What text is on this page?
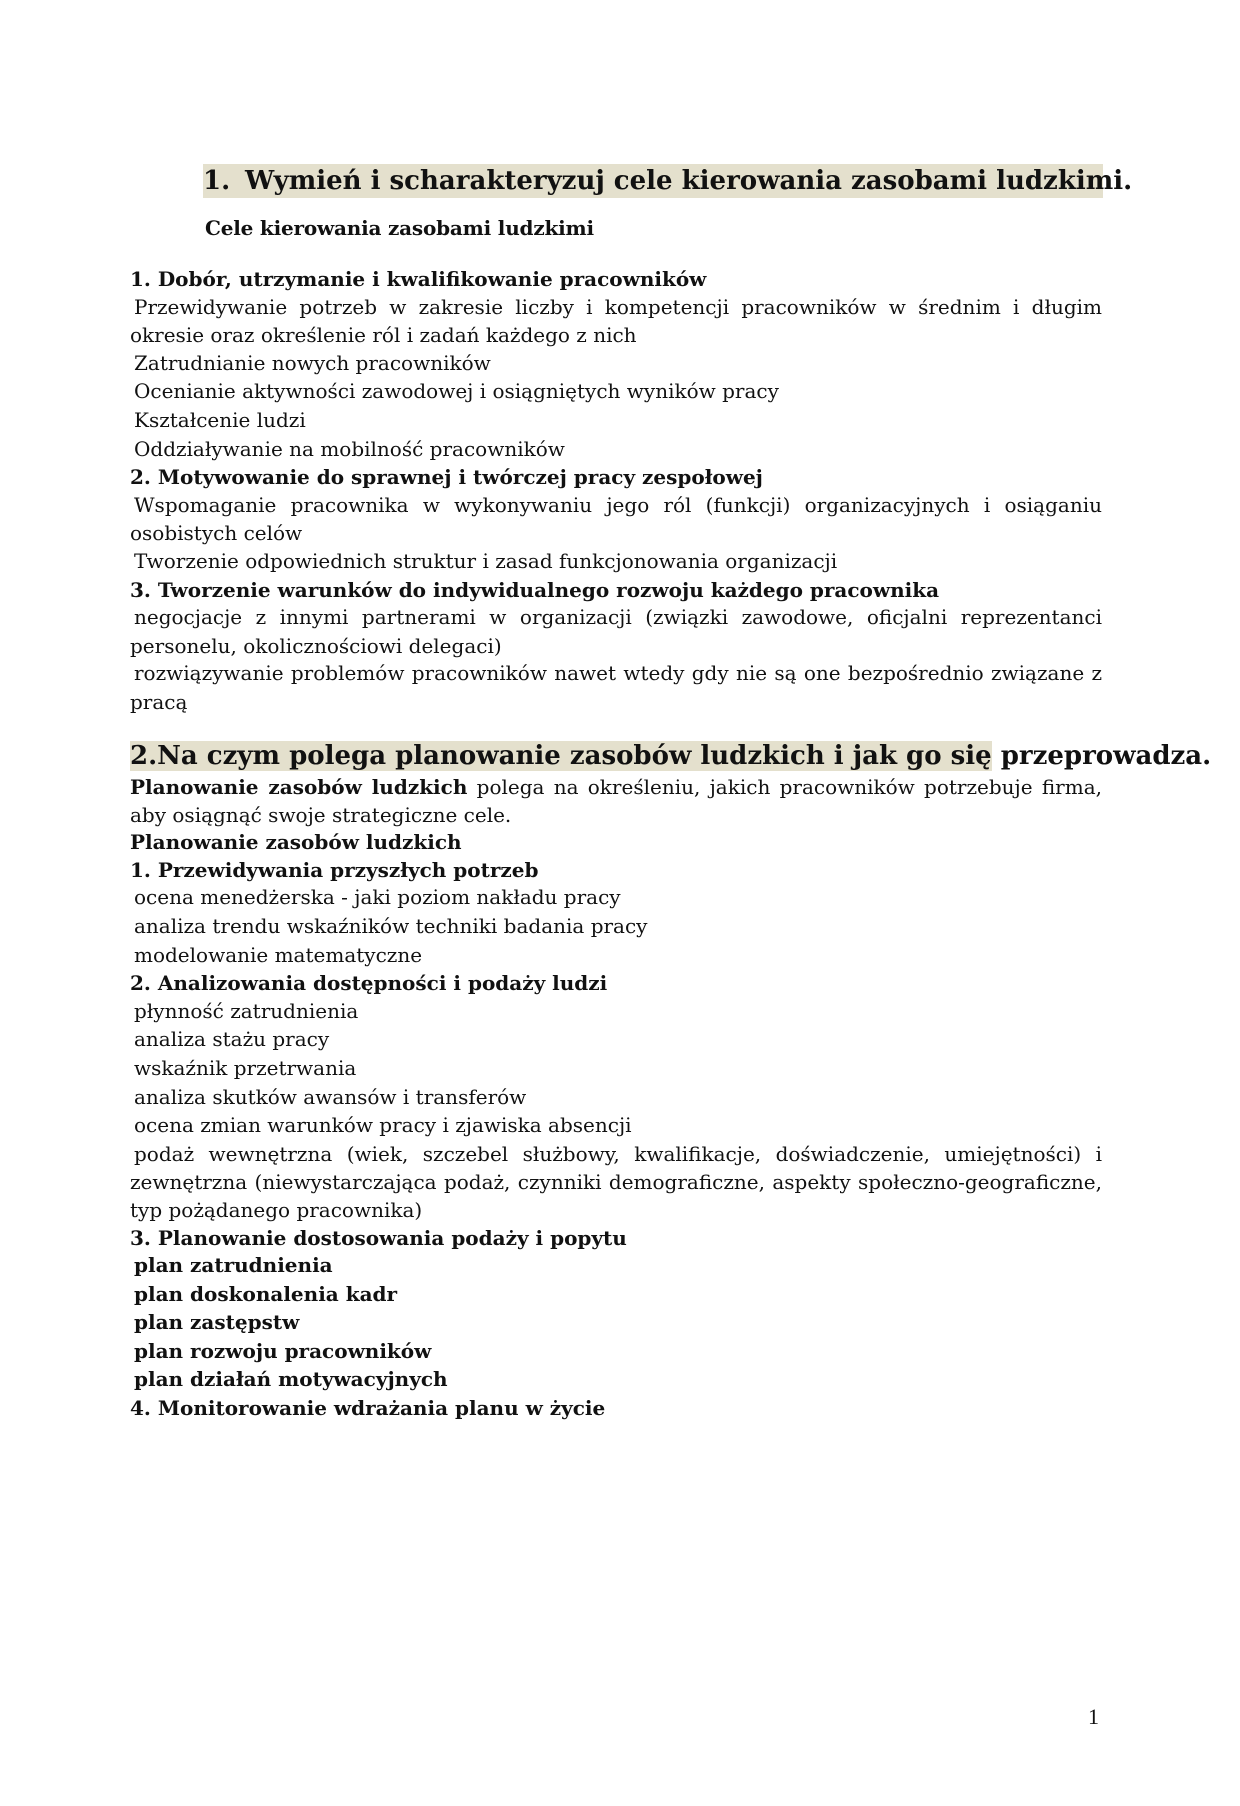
1. Wymień i scharakteryzuj cele kierowania zasobami ludzkimi.
Cele kierowania zasobami ludzkimi
1. Dobór, utrzymanie i kwalifikowanie pracowników
Przewidywanie potrzeb w zakresie liczby i kompetencji pracowników w średnim i długim okresie oraz określenie ról i zadań każdego z nich
Zatrudnianie nowych pracowników
Ocenianie aktywności zawodowej i osiągniętych wyników pracy
Kształcenie ludzi
Oddziaływanie na mobilność pracowników
2. Motywowanie do sprawnej i twórczej pracy zespołowej
Wspomaganie pracownika w wykonywaniu jego ról (funkcji) organizacyjnych i osiąganiu osobistych celów
Tworzenie odpowiednich struktur i zasad funkcjonowania organizacji
3. Tworzenie warunków do indywidualnego rozwoju każdego pracownika
negocjacje z innymi partnerami w organizacji (związki zawodowe, oficjalni reprezentanci personelu, okolicznościowi delegaci)
rozwiązywanie problemów pracowników nawet wtedy gdy nie są one bezpośrednio związane z pracą
2.Na czym polega planowanie zasobów ludzkich i jak go się przeprowadza.
Planowanie zasobów ludzkich polega na określeniu, jakich pracowników potrzebuje firma, aby osiągnąć swoje strategiczne cele.
Planowanie zasobów ludzkich
1. Przewidywania przyszłych potrzeb
ocena menedżerska - jaki poziom nakładu pracy
analiza trendu wskaźników techniki badania pracy
modelowanie matematyczne
2. Analizowania dostępności i podaży ludzi
płynność zatrudnienia
analiza stażu pracy
wskaźnik przetrwania
analiza skutków awansów i transferów
ocena zmian warunków pracy i zjawiska absencji
podaż wewnętrzna (wiek, szczebel służbowy, kwalifikacje, doświadczenie, umiejętności) i zewnętrzna (niewystarczająca podaż, czynniki demograficzne, aspekty społeczno-geograficzne, typ pożądanego pracownika)
3. Planowanie dostosowania podaży i popytu
plan zatrudnienia
plan doskonalenia kadr
plan zastępstw
plan rozwoju pracowników
plan działań motywacyjnych
4. Monitorowanie wdrażania planu w życie
1
